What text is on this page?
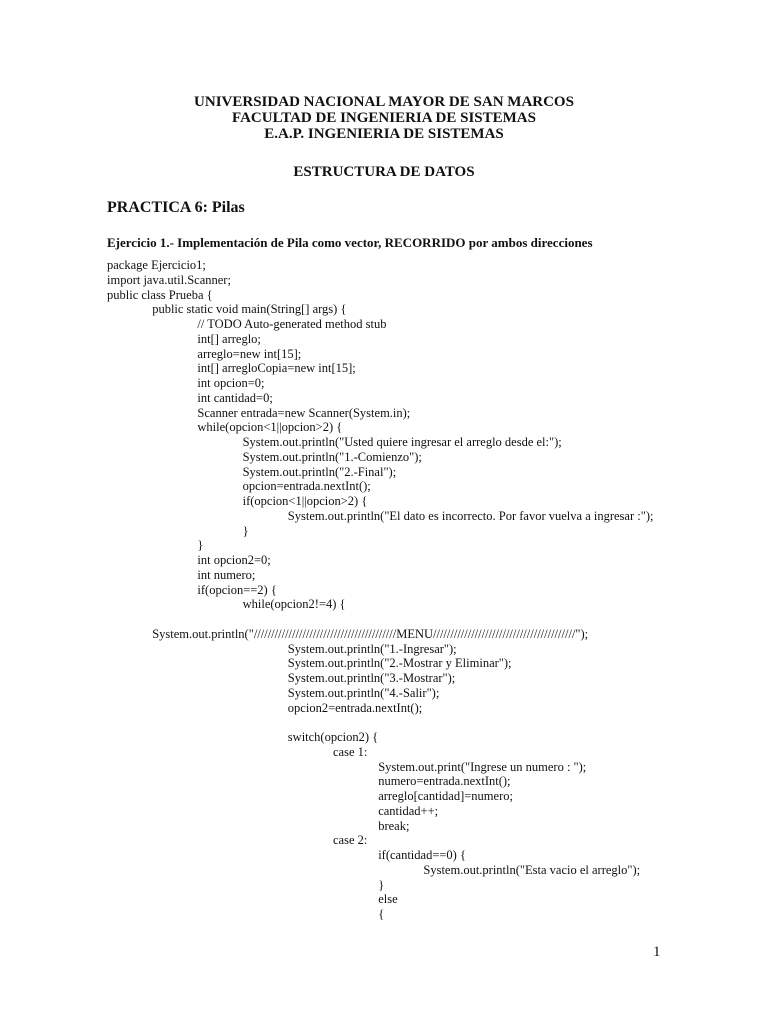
UNIVERSIDAD NACIONAL MAYOR DE SAN MARCOS
FACULTAD DE INGENIERIA DE SISTEMAS
E.A.P. INGENIERIA DE SISTEMAS
ESTRUCTURA DE DATOS
PRACTICA 6: Pilas
Ejercicio 1.- Implementación de Pila como vector, RECORRIDO por ambos direcciones
package Ejercicio1;
import java.util.Scanner;
public class Prueba {
public static void main(String[] args) {
// TODO Auto-generated method stub
int[] arreglo;
arreglo=new int[15];
int[] arregloCopia=new int[15];
int opcion=0;
int cantidad=0;
Scanner entrada=new Scanner(System.in);
while(opcion<1||opcion>2) {
System.out.println("Usted quiere ingresar el arreglo desde el:");
System.out.println("1.-Comienzo");
System.out.println("2.-Final");
opcion=entrada.nextInt();
if(opcion<1||opcion>2) {
System.out.println("El dato es incorrecto. Por favor vuelva a ingresar :");
}
}
int opcion2=0;
int numero;
if(opcion==2) {
while(opcion2!=4) {
System.out.println("/////////////////////////////////////////MENU/////////////////////////////////////////");
System.out.println("1.-Ingresar");
System.out.println("2.-Mostrar y Eliminar");
System.out.println("3.-Mostrar");
System.out.println("4.-Salir");
opcion2=entrada.nextInt();
switch(opcion2) {
case 1:
System.out.print("Ingrese un numero : ");
numero=entrada.nextInt();
arreglo[cantidad]=numero;
cantidad++;
break;
case 2:
if(cantidad==0) {
System.out.println("Esta vacio el arreglo");
}
else
{
1
